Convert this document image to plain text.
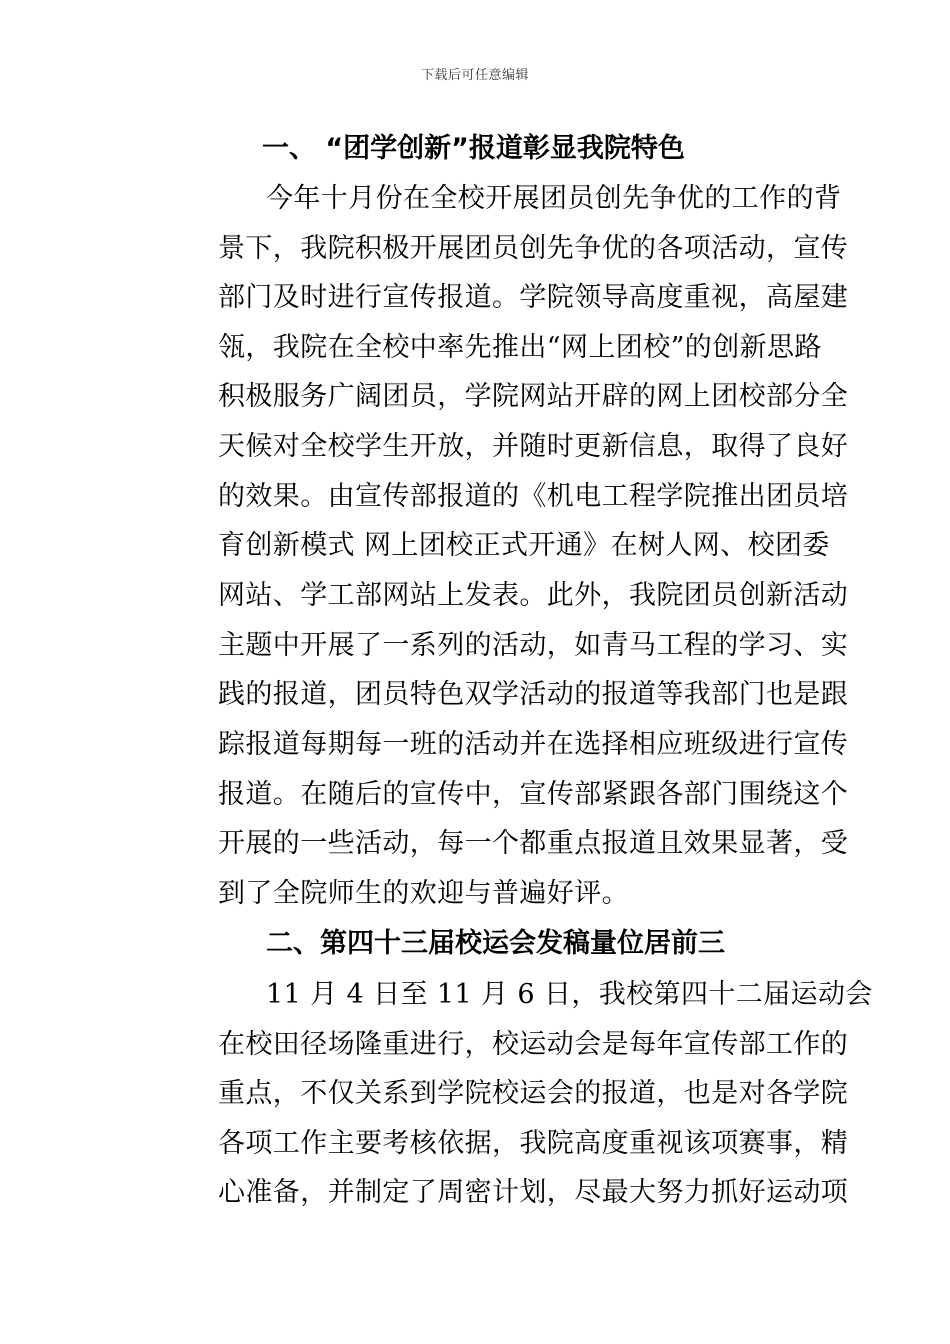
下载后可任意编辑
一、 “团学创新”报道彰显我院特色
今年十月份在全校开展团员创先争优的工作的背
景下，我院积极开展团员创先争优的各项活动，宣传
部门及时进行宣传报道。学院领导高度重视，高屋建
瓴，我院在全校中率先推出“网上团校”的创新思路
积极服务广阔团员，学院网站开辟的网上团校部分全
天候对全校学生开放，并随时更新信息，取得了良好
的效果。由宣传部报道的《机电工程学院推出团员培
育创新模式 网上团校正式开通》在树人网、校团委
网站、学工部网站上发表。此外，我院团员创新活动
主题中开展了一系列的活动，如青马工程的学习、实
践的报道，团员特色双学活动的报道等我部门也是跟
踪报道每期每一班的活动并在选择相应班级进行宣传
报道。在随后的宣传中，宣传部紧跟各部门围绕这个
开展的一些活动，每一个都重点报道且效果显著，受
到了全院师生的欢迎与普遍好评。
二、第四十三届校运会发稿量位居前三
11 月 4 日至 11 月 6 日，我校第四十二届运动会
在校田径场隆重进行，校运动会是每年宣传部工作的
重点，不仅关系到学院校运会的报道，也是对各学院
各项工作主要考核依据，我院高度重视该项赛事，精
心准备，并制定了周密计划，尽最大努力抓好运动项
